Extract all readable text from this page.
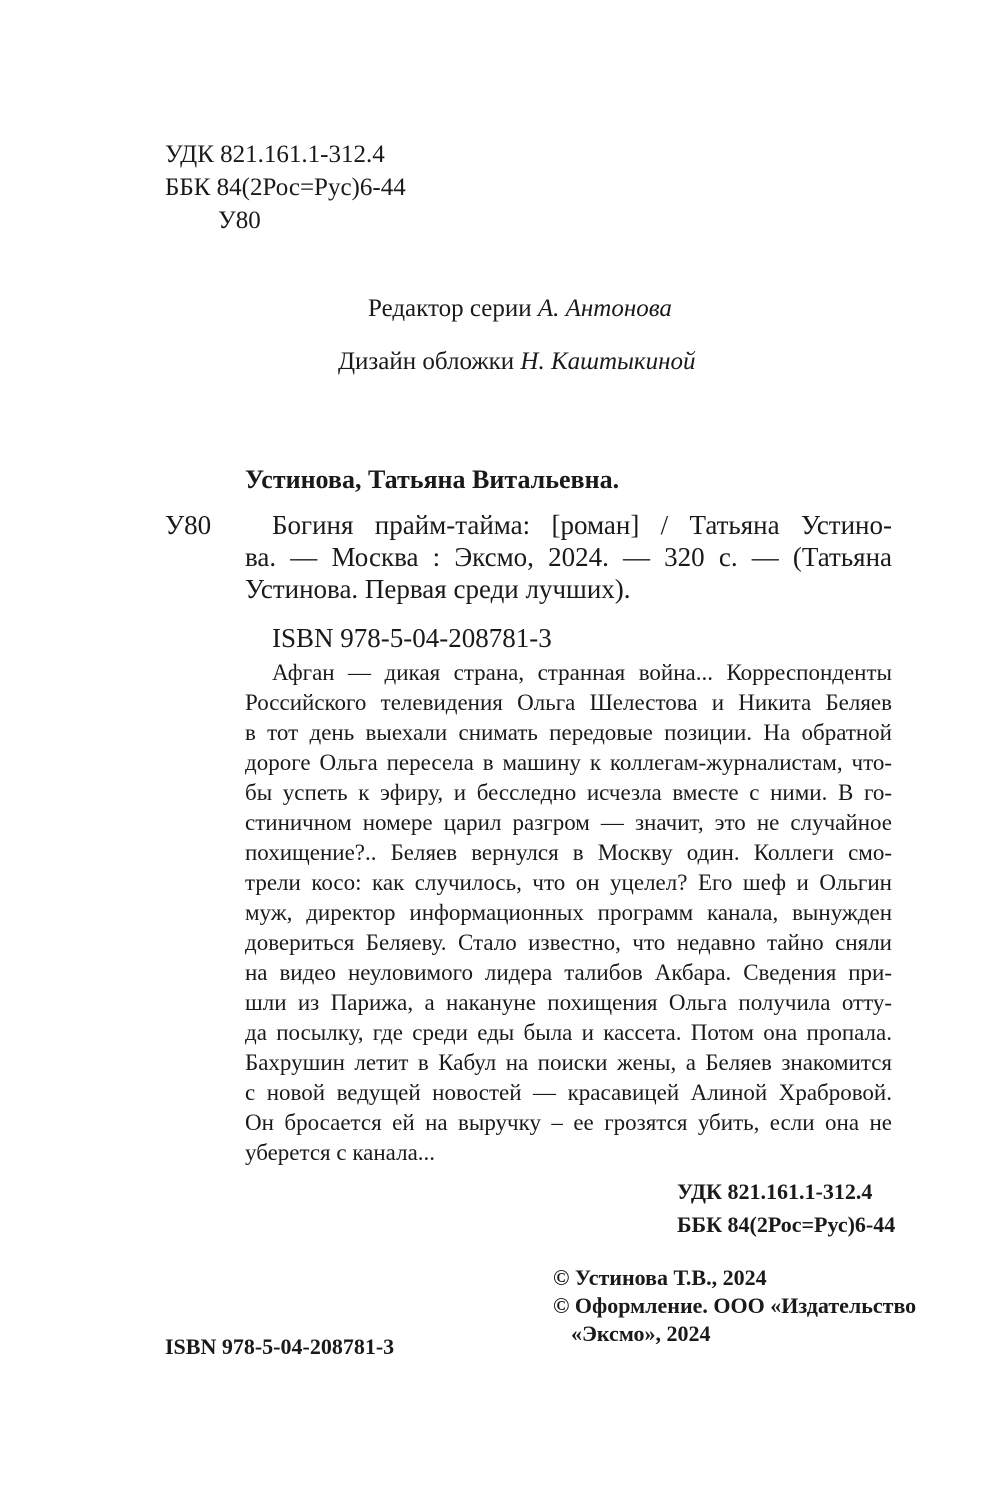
УДК 821.161.1-312.4
ББК 84(2Рос=Рус)6-44
У80
Редактор серии А. Антонова
Дизайн обложки Н. Каштыкиной
Устинова, Татьяна Витальевна.
У80 Богиня прайм-тайма: [роман] / Татьяна Устино-
ва. — Москва : Эксмо, 2024. — 320 с. — (Татьяна
Устинова. Первая среди лучших).
ISBN 978-5-04-208781-3
Афган — дикая страна, странная война... Корреспонденты
Российского телевидения Ольга Шелестова и Никита Беляев
в тот день выехали снимать передовые позиции. На обратной
дороге Ольга пересела в машину к коллегам-журналистам, что-
бы успеть к эфиру, и бесследно исчезла вместе с ними. В го-
стиничном номере царил разгром — значит, это не случайное
похищение?.. Беляев вернулся в Москву один. Коллеги смо-
трели косо: как случилось, что он уцелел? Его шеф и Ольгин
муж, директор информационных программ канала, вынужден
довериться Беляеву. Стало известно, что недавно тайно сняли
на видео неуловимого лидера талибов Акбара. Сведения при-
шли из Парижа, а накануне похищения Ольга получила отту-
да посылку, где среди еды была и кассета. Потом она пропала.
Бахрушин летит в Кабул на поиски жены, а Беляев знакомится
с новой ведущей новостей — красавицей Алиной Храбровой.
Он бросается ей на выручку – ее грозятся убить, если она не
уберется с канала...
УДК 821.161.1-312.4
ББК 84(2Рос=Рус)6-44
ISBN 978-5-04-208781-3
© Устинова Т.В., 2024
© Оформление. ООО «Издательство
«Эксмо», 2024
